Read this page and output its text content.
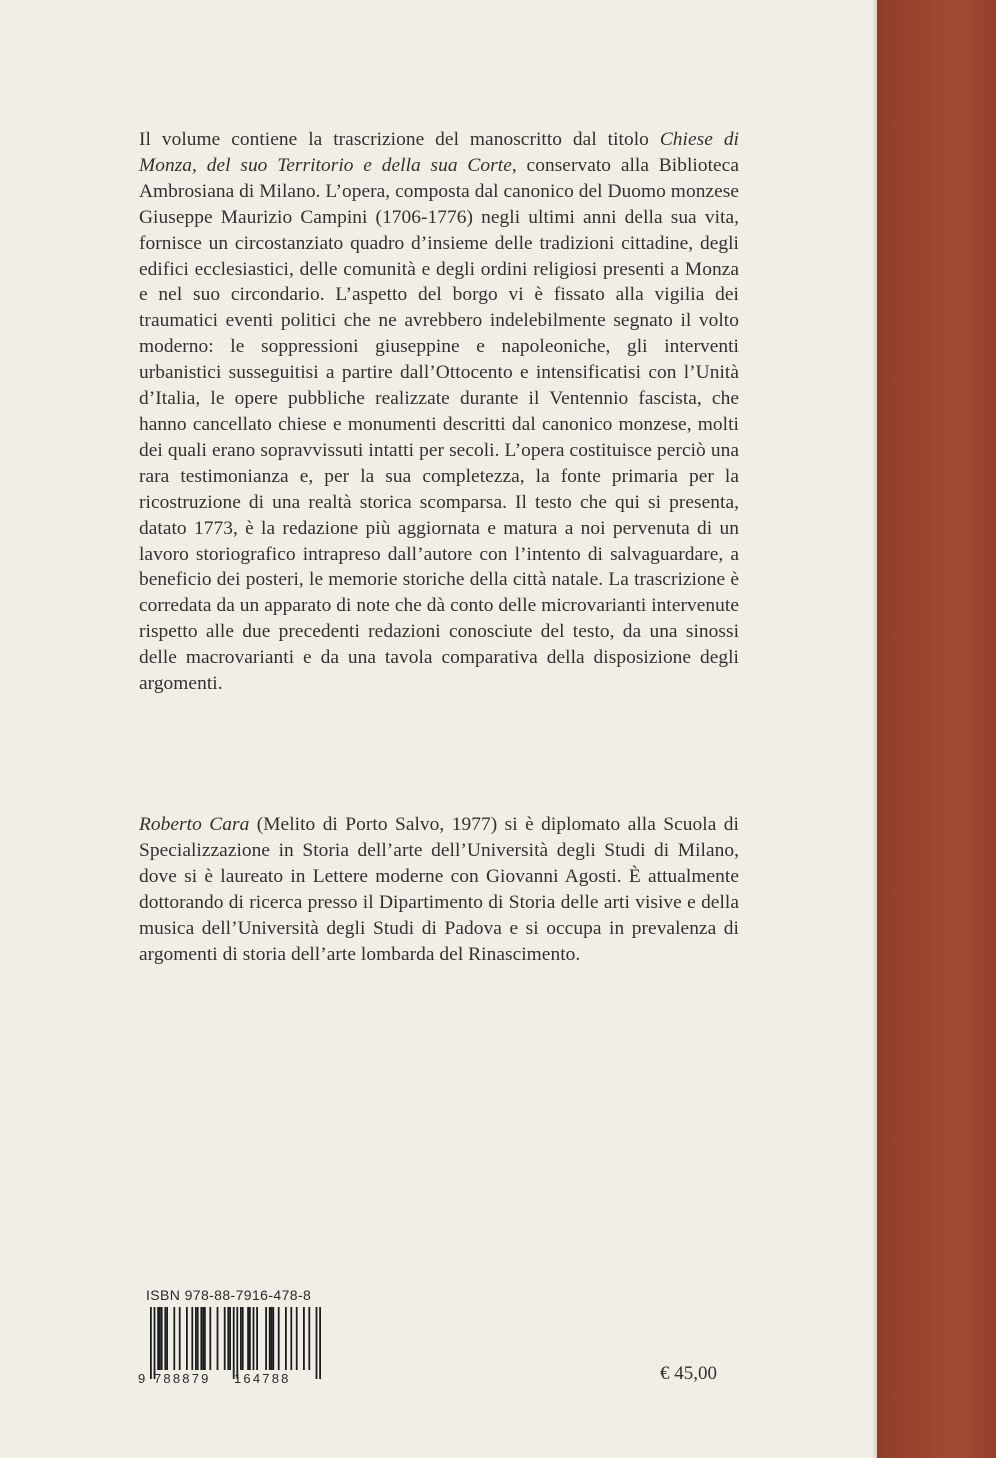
Il volume contiene la trascrizione del manoscritto dal titolo Chiese di Monza, del suo Territorio e della sua Corte, conservato alla Biblioteca Ambrosiana di Milano. L’opera, composta dal canonico del Duomo monzese Giuseppe Maurizio Campini (1706-1776) negli ultimi anni della sua vita, fornisce un circostanziato quadro d’insieme delle tradizioni cittadine, degli edifici ecclesiastici, delle comunità e degli ordini religiosi presenti a Monza e nel suo circondario. L’aspetto del borgo vi è fissato alla vigilia dei traumatici eventi politici che ne avrebbero indelebilmente segnato il volto moderno: le soppressioni giuseppine e napoleoniche, gli interventi urbanistici susseguitisi a partire dall’Ottocento e intensificatisi con l’Unità d’Italia, le opere pubbliche realizzate durante il Ventennio fascista, che hanno cancellato chiese e monumenti descritti dal canonico monzese, molti dei quali erano sopravvissuti intatti per secoli. L’opera costituisce perciò una rara testimonianza e, per la sua completezza, la fonte primaria per la ricostruzione di una realtà storica scomparsa. Il testo che qui si presenta, datato 1773, è la redazione più aggiornata e matura a noi pervenuta di un lavoro storiografico intrapreso dall’autore con l’intento di salvaguardare, a beneficio dei posteri, le memorie storiche della città natale. La trascrizione è corredata da un apparato di note che dà conto delle microvarianti intervenute rispetto alle due precedenti redazioni conosciute del testo, da una sinossi delle macrovarianti e da una tavola comparativa della disposizione degli argomenti.

Roberto Cara (Melito di Porto Salvo, 1977) si è diplomato alla Scuola di Specializzazione in Storia dell’arte dell’Università degli Studi di Milano, dove si è laureato in Lettere moderne con Giovanni Agosti. È attualmente dottorando di ricerca presso il Dipartimento di Storia delle arti visive e della musica dell’Università degli Studi di Padova e si occupa in prevalenza di argomenti di storia dell’arte lombarda del Rinascimento.

ISBN 978-88-7916-478-8
9 788879 164788	€ 45,00
